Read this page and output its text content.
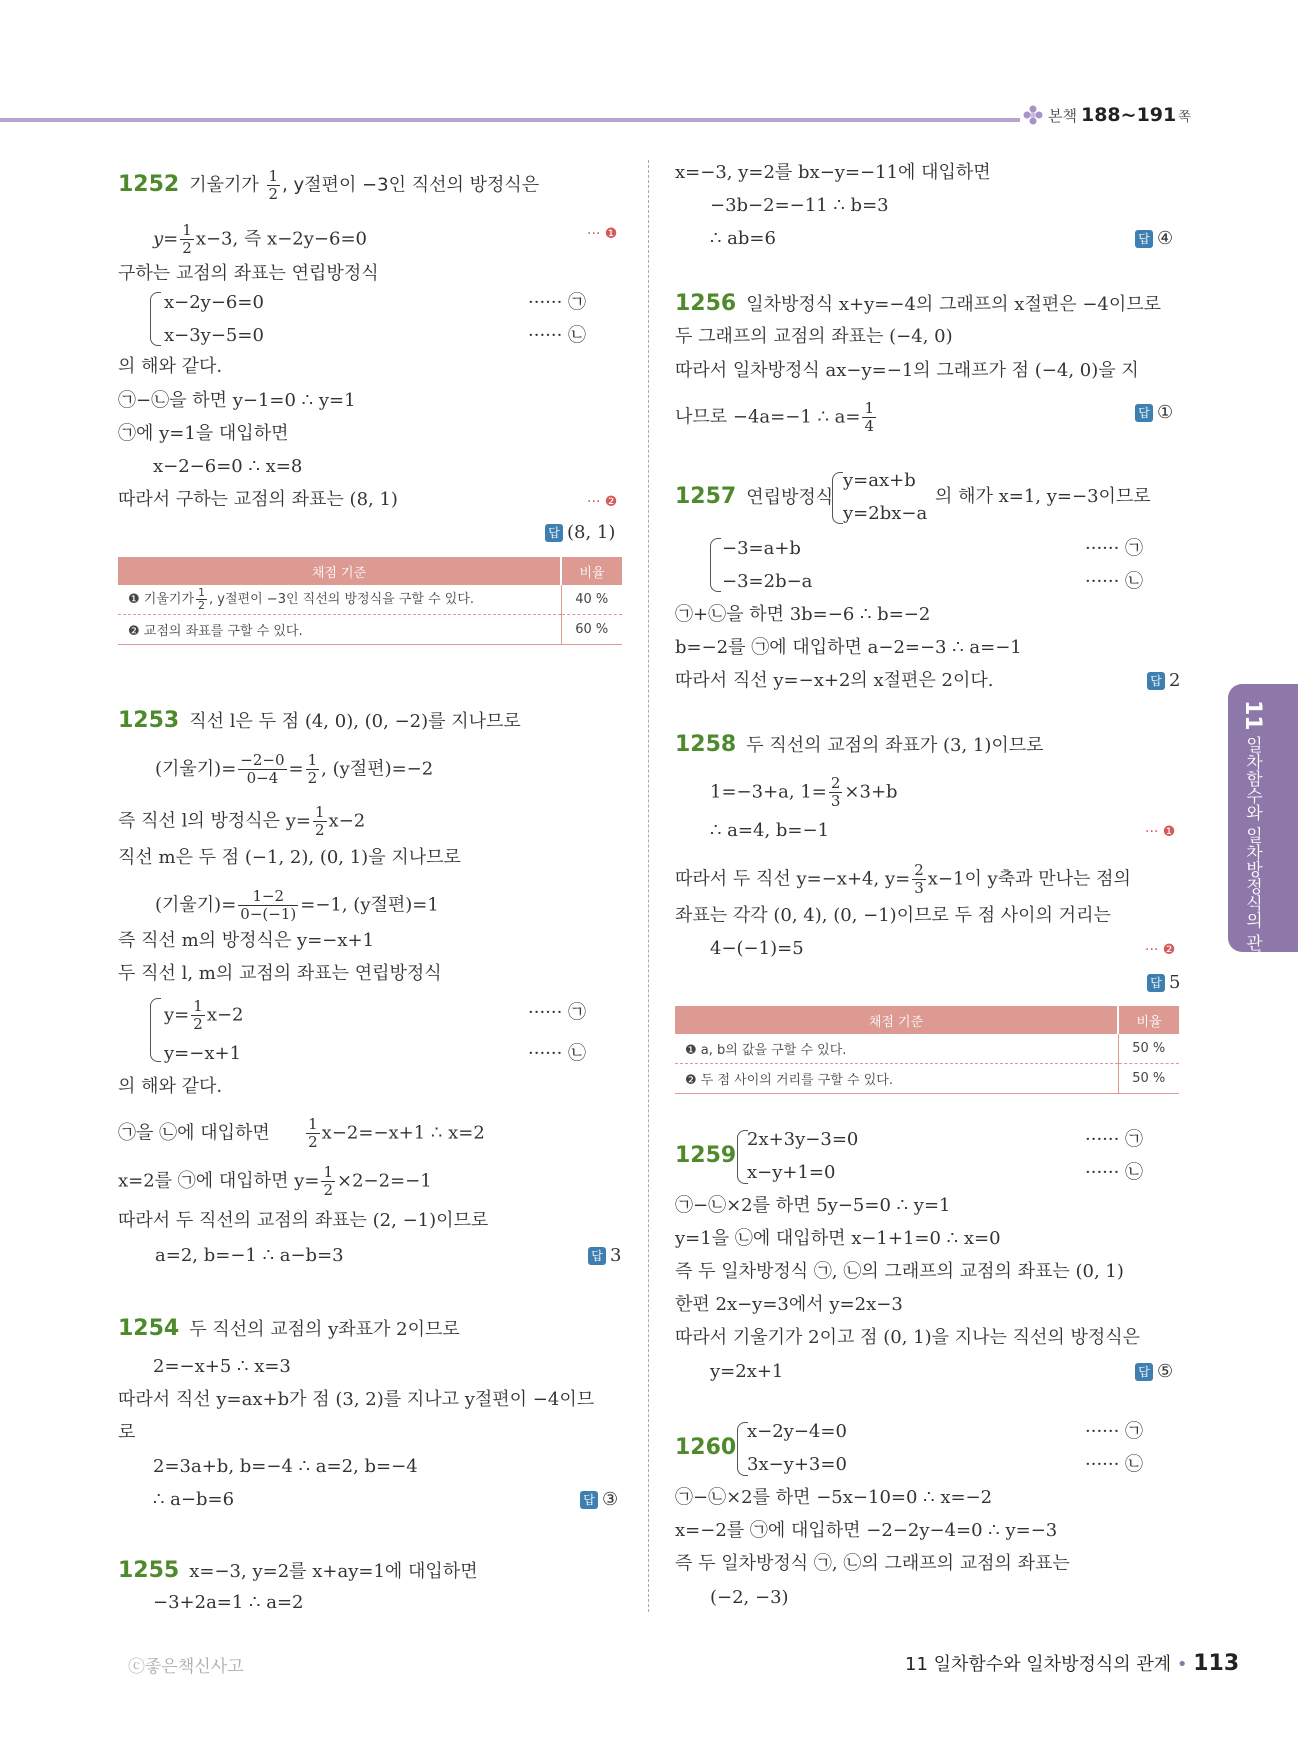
본책 188~191 쪽
1252 기울기가 $\frac{1}{2}$ , y절편이 −3인 직선의 방정식은
$y= \frac{1}{2} x-3$, 즉 x−2y−6=0	··· ❶
구하는 교점의 좌표는 연립방정식
x−2y−6=0	······ ㉠
x−3y−5=0	······ ㉡
의 해와 같다.
㉠−㉡을 하면 y−1=0 ∴ y=1
㉠에 y=1을 대입하면
x−2−6=0 ∴ x=8
따라서 구하는 교점의 좌표는 (8, 1)	··· ❷
답 (8, 1)
채점 기준	비율
❶ 기울기가 $\frac{1}{2}$ , y절편이 −3인 직선의 방정식을 구할 수 있다.	40 %
❷ 교점의 좌표를 구할 수 있다.	60 %
1253 직선 l은 두 점 (4, 0), (0, −2)를 지나므로
(기울기)= $\frac{-2-0}{0-4} = \frac{1}{2}$ , (y절편)=−2
즉 직선 l의 방정식은 $y= \frac{1}{2} x-2$
직선 m은 두 점 (−1, 2), (0, 1)을 지나므로
(기울기)= $\frac{1-2}{0-(-1)} =-1$, (y절편)=1
즉 직선 m의 방정식은 y=−x+1
두 직선 l, m의 교점의 좌표는 연립방정식
$y= \frac{1}{2} x-2$	······ ㉠
y=−x+1	······ ㉡
의 해와 같다.
㉠을 ㉡에 대입하면 $\frac{1}{2} x-2=-x+1$ ∴ x=2
x=2를 ㉠에 대입하면 $y= \frac{1}{2} \times 2-2=-1$
따라서 두 직선의 교점의 좌표는 (2, −1)이므로
a=2, b=−1 ∴ a−b=3	답 3
1254 두 직선의 교점의 y좌표가 2이므로
2=−x+5 ∴ x=3
따라서 직선 y=ax+b가 점 (3, 2)를 지나고 y절편이 −4이므
로
2=3a+b, b=−4 ∴ a=2, b=−4
∴ a−b=6	답 ③
1255 x=−3, y=2를 x+ay=1에 대입하면
−3+2a=1 ∴ a=2
x=−3, y=2를 bx−y=−11에 대입하면
−3b−2=−11 ∴ b=3
∴ ab=6	답 ④
1256 일차방정식 x+y=−4의 그래프의 x절편은 −4이므로
두 그래프의 교점의 좌표는 (−4, 0)
따라서 일차방정식 ax−y=−1의 그래프가 점 (−4, 0)을 지
나므로 −4a=−1 ∴ $a= \frac{1}{4}$	답 ①
1257 연립방정식
y=ax+b
y=2bx−a
의 해가 x=1, y=−3이므로
−3=a+b	······ ㉠
−3=2b−a	······ ㉡
㉠+㉡을 하면 3b=−6 ∴ b=−2
b=−2를 ㉠에 대입하면 a−2=−3 ∴ a=−1
따라서 직선 y=−x+2의 x절편은 2이다.	답 2
1258 두 직선의 교점의 좌표가 (3, 1)이므로
1=−3+a, $1= \frac{2}{3} \times 3+b$
∴ a=4, b=−1	··· ❶
따라서 두 직선 y=−x+4, $y= \frac{2}{3} x-1$이 y축과 만나는 점의
좌표는 각각 (0, 4), (0, −1)이므로 두 점 사이의 거리는
4−(−1)=5	··· ❷
답 5
채점 기준	비율
❶ a, b의 값을 구할 수 있다.	50 %
❷ 두 점 사이의 거리를 구할 수 있다.	50 %
1259
2x+3y−3=0	······ ㉠
x−y+1=0	······ ㉡
㉠−㉡×2를 하면 5y−5=0 ∴ y=1
y=1을 ㉡에 대입하면 x−1+1=0 ∴ x=0
즉 두 일차방정식 ㉠, ㉡의 그래프의 교점의 좌표는 (0, 1)
한편 2x−y=3에서 y=2x−3
따라서 기울기가 2이고 점 (0, 1)을 지나는 직선의 방정식은
y=2x+1	답 ⑤
1260
x−2y−4=0	······ ㉠
3x−y+3=0	······ ㉡
㉠−㉡×2를 하면 −5x−10=0 ∴ x=−2
x=−2를 ㉠에 대입하면 −2−2y−4=0 ∴ y=−3
즉 두 일차방정식 ㉠, ㉡의 그래프의 교점의 좌표는
(−2, −3)
11 일차함수와 일차방정식의 관계
ⓒ좋은책신사고	11 일차함수와 일차방정식의 관계 • 113
